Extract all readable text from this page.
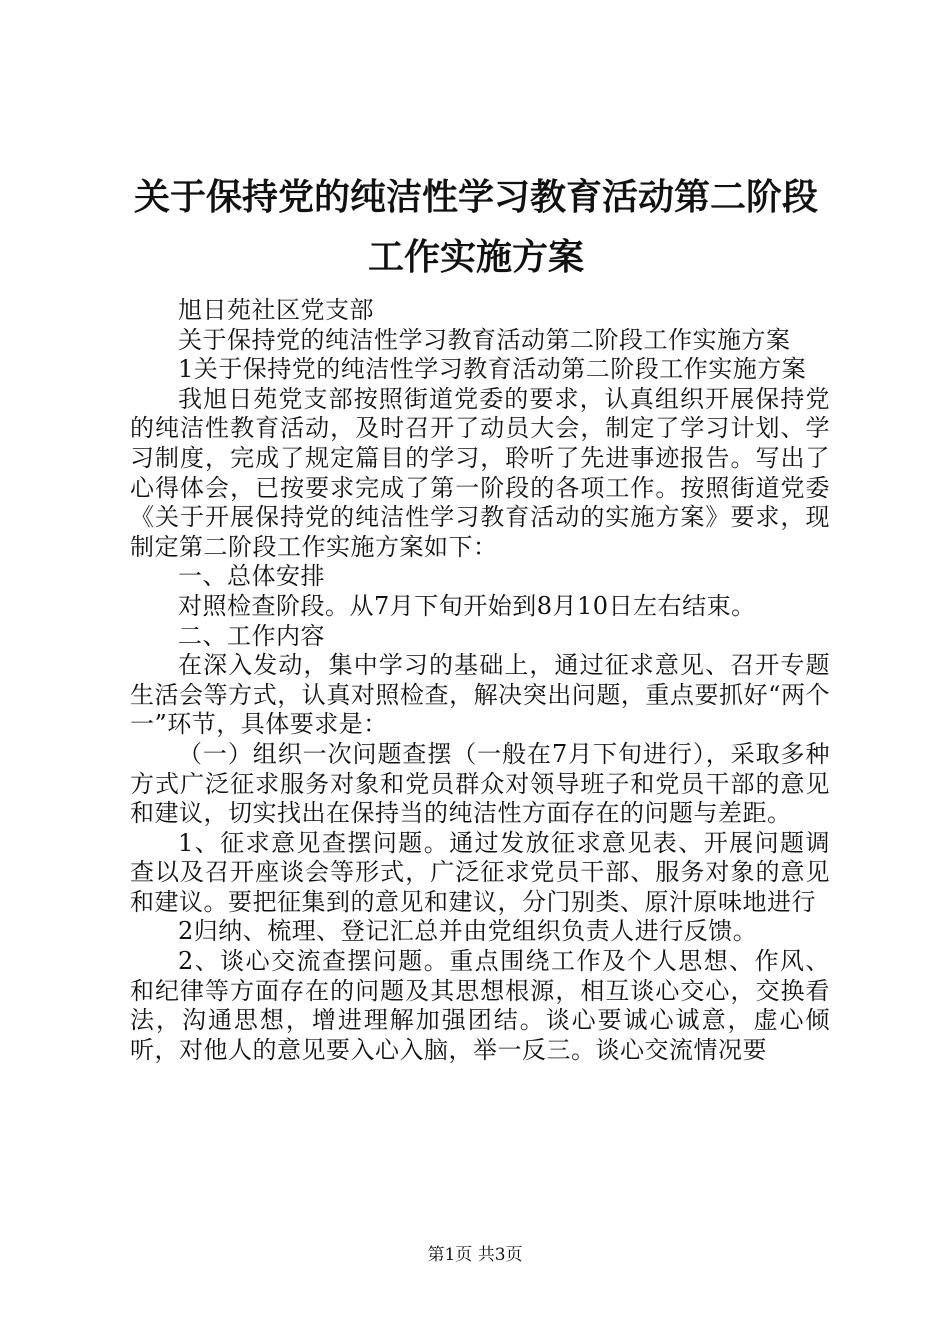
关于保持党的纯洁性学习教育活动第二阶段工作实施方案

旭日苑社区党支部

关于保持党的纯洁性学习教育活动第二阶段工作实施方案

1关于保持党的纯洁性学习教育活动第二阶段工作实施方案

我旭日苑党支部按照街道党委的要求，认真组织开展保持党的纯洁性教育活动，及时召开了动员大会，制定了学习计划、学习制度，完成了规定篇目的学习，聆听了先进事迹报告。写出了心得体会，已按要求完成了第一阶段的各项工作。按照街道党委《关于开展保持党的纯洁性学习教育活动的实施方案》要求，现制定第二阶段工作实施方案如下：

一、总体安排

对照检查阶段。从7月下旬开始到8月10日左右结束。

二、工作内容

在深入发动，集中学习的基础上，通过征求意见、召开专题生活会等方式，认真对照检查，解决突出问题，重点要抓好“两个一”环节，具体要求是：

（一）组织一次问题查摆（一般在7月下旬进行），采取多种方式广泛征求服务对象和党员群众对领导班子和党员干部的意见和建议，切实找出在保持当的纯洁性方面存在的问题与差距。

1、征求意见查摆问题。通过发放征求意见表、开展问题调查以及召开座谈会等形式，广泛征求党员干部、服务对象的意见和建议。要把征集到的意见和建议，分门别类、原汁原味地进行

2归纳、梳理、登记汇总并由党组织负责人进行反馈。

2、谈心交流查摆问题。重点围绕工作及个人思想、作风、和纪律等方面存在的问题及其思想根源，相互谈心交心，交换看法，沟通思想，增进理解加强团结。谈心要诚心诚意，虚心倾听，对他人的意见要入心入脑，举一反三。谈心交流情况要

第1页 共3页
